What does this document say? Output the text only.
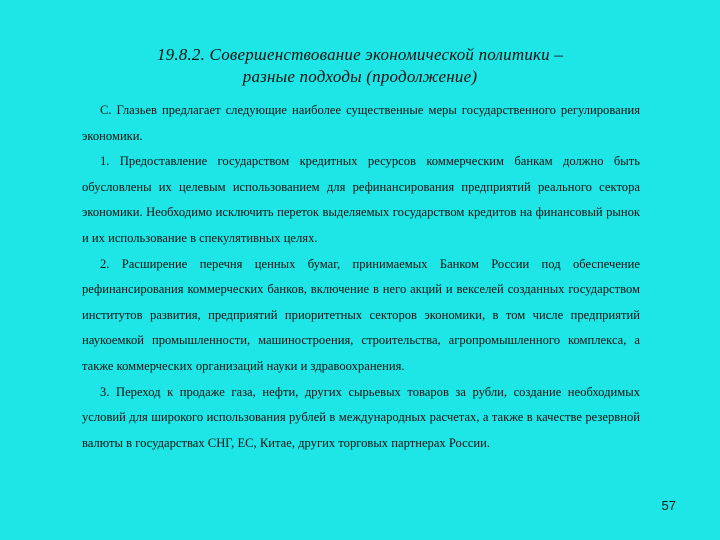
19.8.2. Совершенствование экономической политики –
разные подходы (продолжение)

С. Глазьев предлагает следующие наиболее существенные меры государственного регулирования экономики.

1. Предоставление государством кредитных ресурсов коммерческим банкам должно быть обусловлены их целевым использованием для рефинансирования предприятий реального сектора экономики. Необходимо исключить переток выделяемых государством кредитов на финансовый рынок и их использование в спекулятивных целях.

2. Расширение перечня ценных бумаг, принимаемых Банком России под обеспечение рефинансирования коммерческих банков, включение в него акций и векселей созданных государством институтов развития, предприятий приоритетных секторов экономики, в том числе предприятий наукоемкой промышленности, машиностроения, строительства, агропромышленного комплекса, а также коммерческих организаций науки и здравоохранения.

3. Переход к продаже газа, нефти, других сырьевых товаров за рубли, создание необходимых условий для широкого использования рублей в международных расчетах, а также в качестве резервной валюты в государствах СНГ, ЕС, Китае, других торговых партнерах России.

57
